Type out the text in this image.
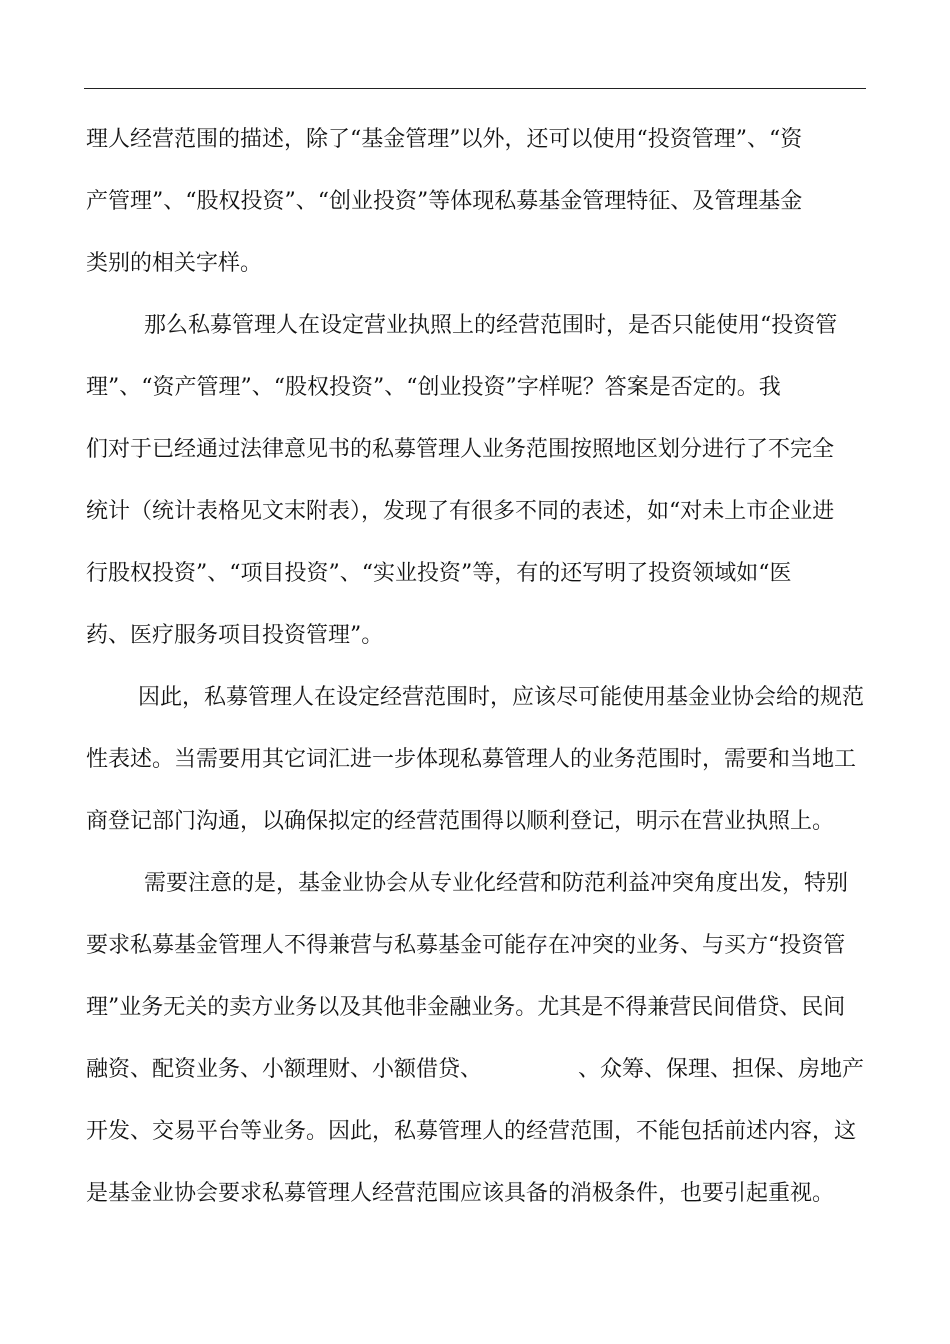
理人经营范围的描述，除了“基金管理”以外，还可以使用“投资管理”、“资
产管理”、“股权投资”、“创业投资”等体现私募基金管理特征、及管理基金
类别的相关字样。
那么私募管理人在设定营业执照上的经营范围时，是否只能使用“投资管
理”、“资产管理”、“股权投资”、“创业投资”字样呢？答案是否定的。我
们对于已经通过法律意见书的私募管理人业务范围按照地区划分进行了不完全
统计（统计表格见文末附表），发现了有很多不同的表述，如“对未上市企业进
行股权投资”、“项目投资”、“实业投资”等，有的还写明了投资领域如“医
药、医疗服务项目投资管理”。
因此，私募管理人在设定经营范围时，应该尽可能使用基金业协会给的规范
性表述。当需要用其它词汇进一步体现私募管理人的业务范围时，需要和当地工
商登记部门沟通，以确保拟定的经营范围得以顺利登记，明示在营业执照上。
需要注意的是，基金业协会从专业化经营和防范利益冲突角度出发，特别
要求私募基金管理人不得兼营与私募基金可能存在冲突的业务、与买方“投资管
理”业务无关的卖方业务以及其他非金融业务。尤其是不得兼营民间借贷、民间
融资、配资业务、小额理财、小额借贷、	、众筹、保理、担保、房地产
开发、交易平台等业务。因此，私募管理人的经营范围，不能包括前述内容，这
是基金业协会要求私募管理人经营范围应该具备的消极条件，也要引起重视。
